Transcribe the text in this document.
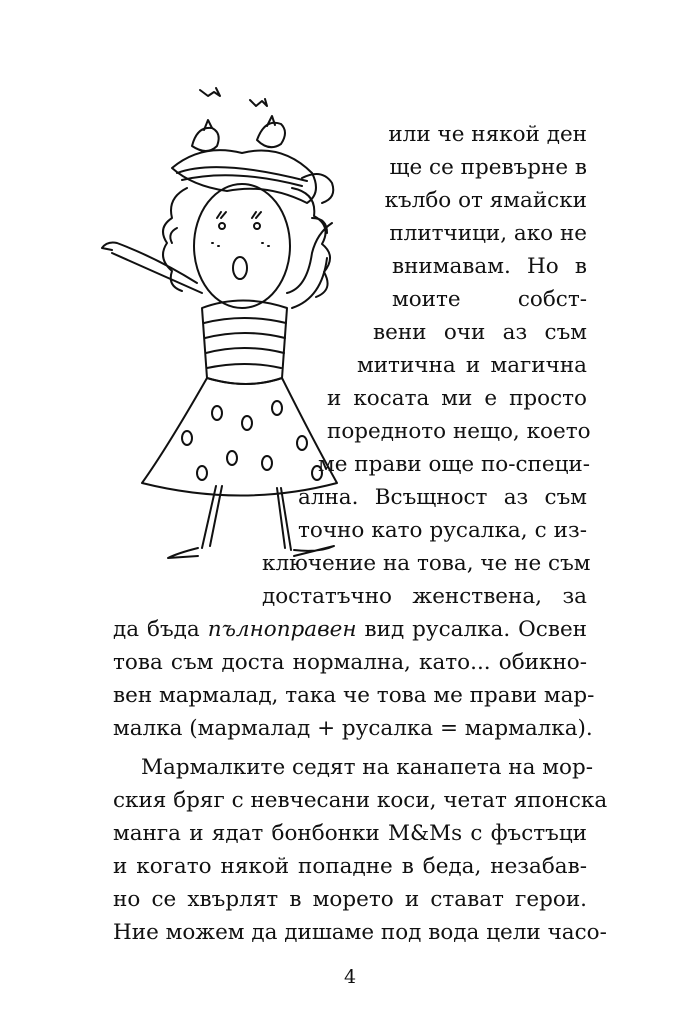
или че някой ден
ще се превърне в
кълбо от ямайски
плитчици, ако не
внимавам. Но в
моите собст-
вени очи аз съм
митична и магична
и косата ми е просто
поредното нещо, което
ме прави още по-специ-
ална. Всъщност аз съм
точно като русалка, с из-
ключение на това, че не съм
достатъчно женствена, за
да бъда пълноправен вид русалка. Освен
това съм доста нормална, като... обикно-
вен мармалад, така че това ме прави мар-
малка (мармалад + русалка = мармалка).
Мармалките седят на канапета на мор-
ския бряг с невчесани коси, четат японска
манга и ядат бонбонки M&Ms с фъстъци
и когато някой попадне в беда, незабав-
но се хвърлят в морето и стават герои.
Ние можем да дишаме под вода цели часо-
4
